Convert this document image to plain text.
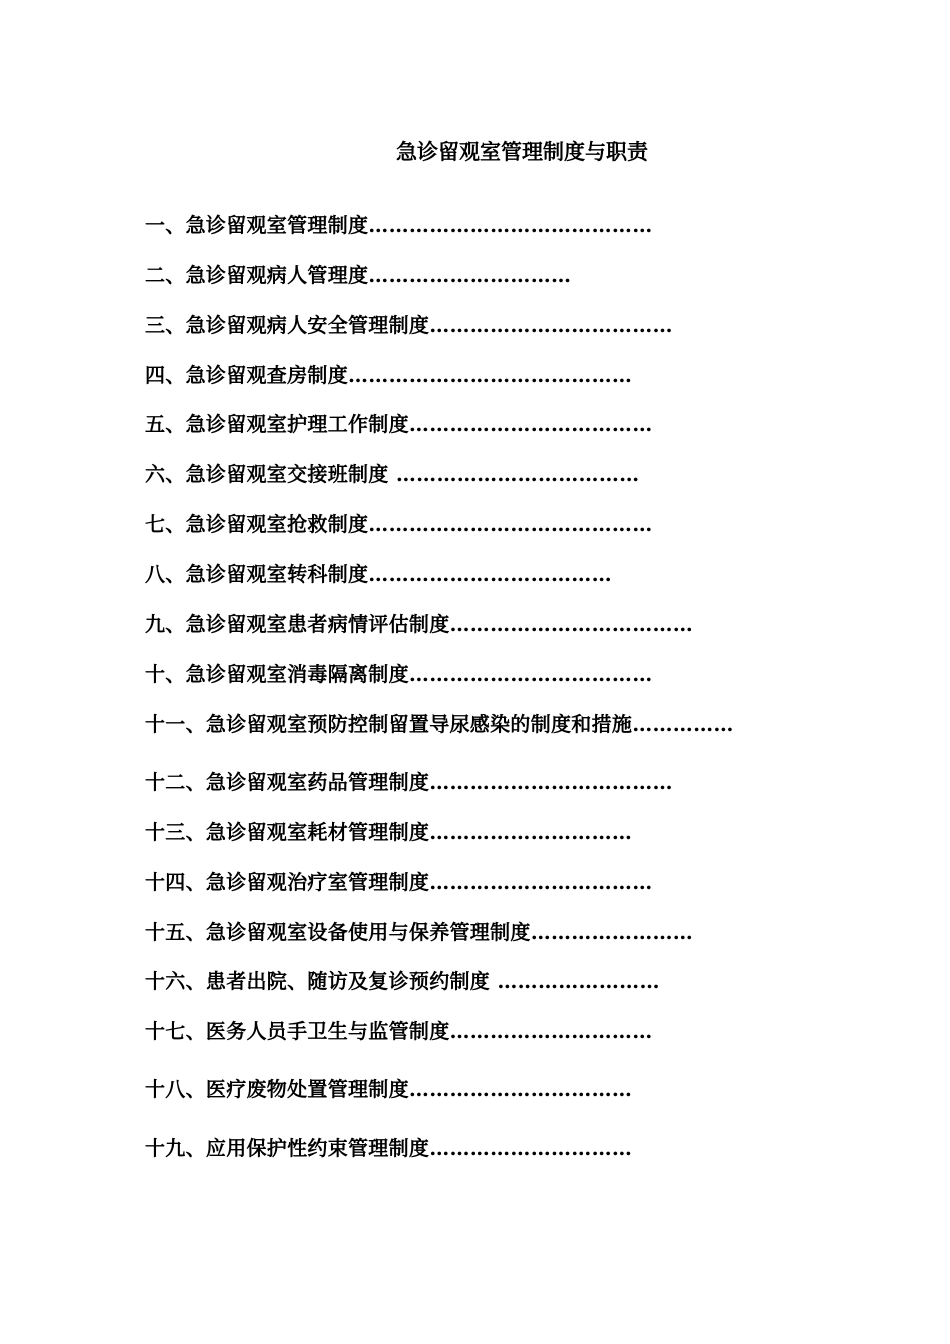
急诊留观室管理制度与职责
一、急诊留观室管理制度……………………………………
二、急诊留观病人管理度…………………………
三、急诊留观病人安全管理制度………………………………
四、急诊留观查房制度……………………………………
五、急诊留观室护理工作制度………………………………
六、急诊留观室交接班制度 ………………………………
七、急诊留观室抢救制度……………………………………
八、急诊留观室转科制度………………………………
九、急诊留观室患者病情评估制度………………………………
十、急诊留观室消毒隔离制度………………………………
十一、急诊留观室预防控制留置导尿感染的制度和措施……………
十二、急诊留观室药品管理制度………………………………
十三、急诊留观室耗材管理制度…………………………
十四、急诊留观治疗室管理制度……………………………
十五、急诊留观室设备使用与保养管理制度……………………
十六、患者出院、随访及复诊预约制度 ……………………
十七、医务人员手卫生与监管制度…………………………
十八、医疗废物处置管理制度……………………………
十九、应用保护性约束管理制度…………………………
